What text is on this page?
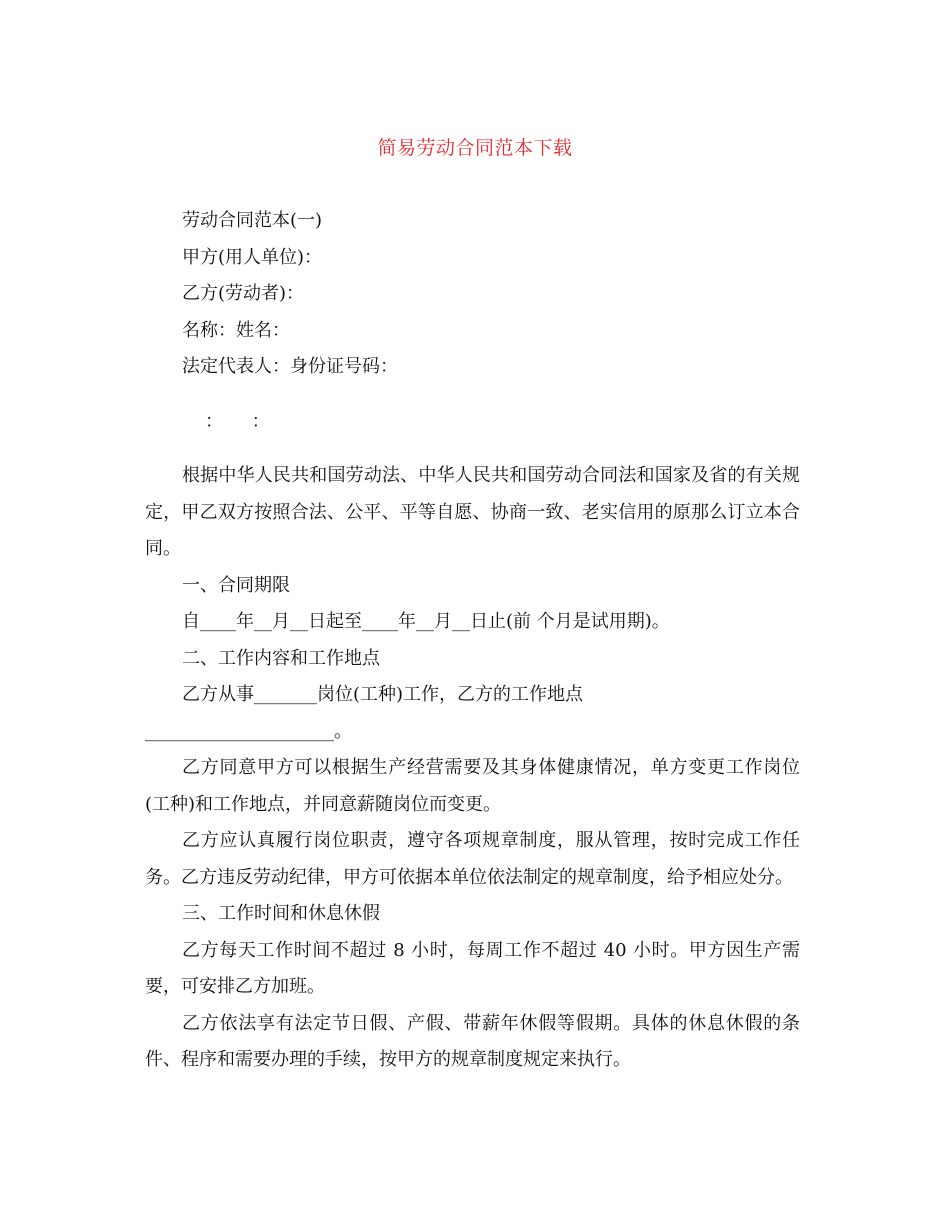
简易劳动合同范本下载

劳动合同范本(一)

甲方(用人单位)：

乙方(劳动者)：

名称：姓名：

法定代表人：身份证号码：

：     ：

根据中华人民共和国劳动法、中华人民共和国劳动合同法和国家及省的有关规定，甲乙双方按照合法、公平、平等自愿、协商一致、老实信用的原那么订立本合同。

一、合同期限

自____年__月__日起至____年__月__日止(前 个月是试用期)。

二、工作内容和工作地点

乙方从事_______岗位(工种)工作，乙方的工作地点

_____________________。

乙方同意甲方可以根据生产经营需要及其身体健康情况，单方变更工作岗位(工种)和工作地点，并同意薪随岗位而变更。

乙方应认真履行岗位职责，遵守各项规章制度，服从管理，按时完成工作任务。乙方违反劳动纪律，甲方可依据本单位依法制定的规章制度，给予相应处分。

三、工作时间和休息休假

乙方每天工作时间不超过 8 小时，每周工作不超过 40 小时。甲方因生产需要，可安排乙方加班。

乙方依法享有法定节日假、产假、带薪年休假等假期。具体的休息休假的条件、程序和需要办理的手续，按甲方的规章制度规定来执行。
